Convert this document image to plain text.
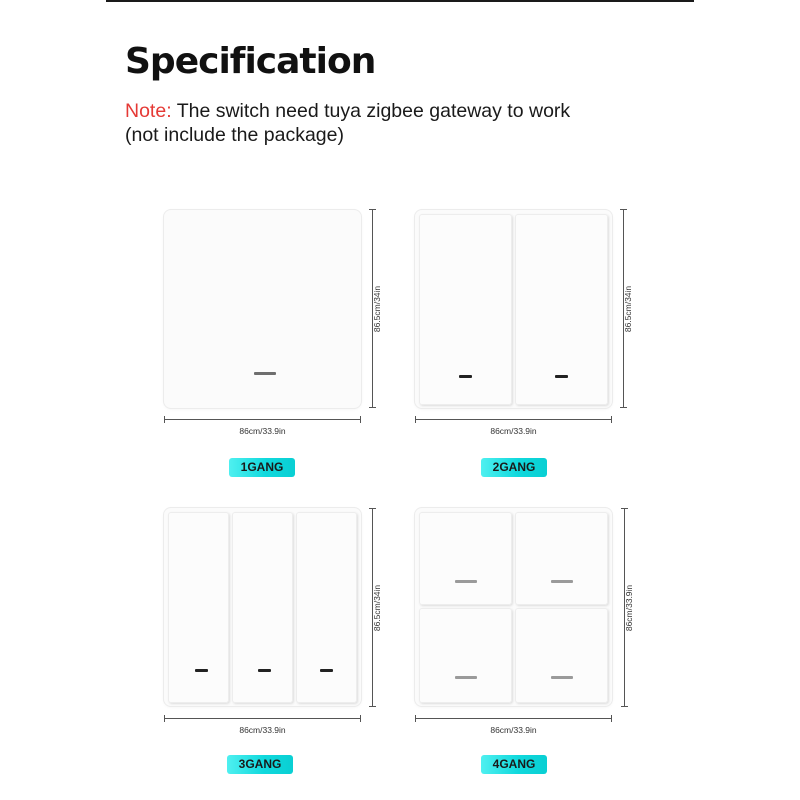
Specification
Note: The switch need tuya zigbee gateway to work
(not include the package)
86.5cm/34in
86cm/33.9in
1GANG
86.5cm/34in
86cm/33.9in
2GANG
86.5cm/34in
86cm/33.9in
3GANG
86cm/33.9in
86cm/33.9in
4GANG
